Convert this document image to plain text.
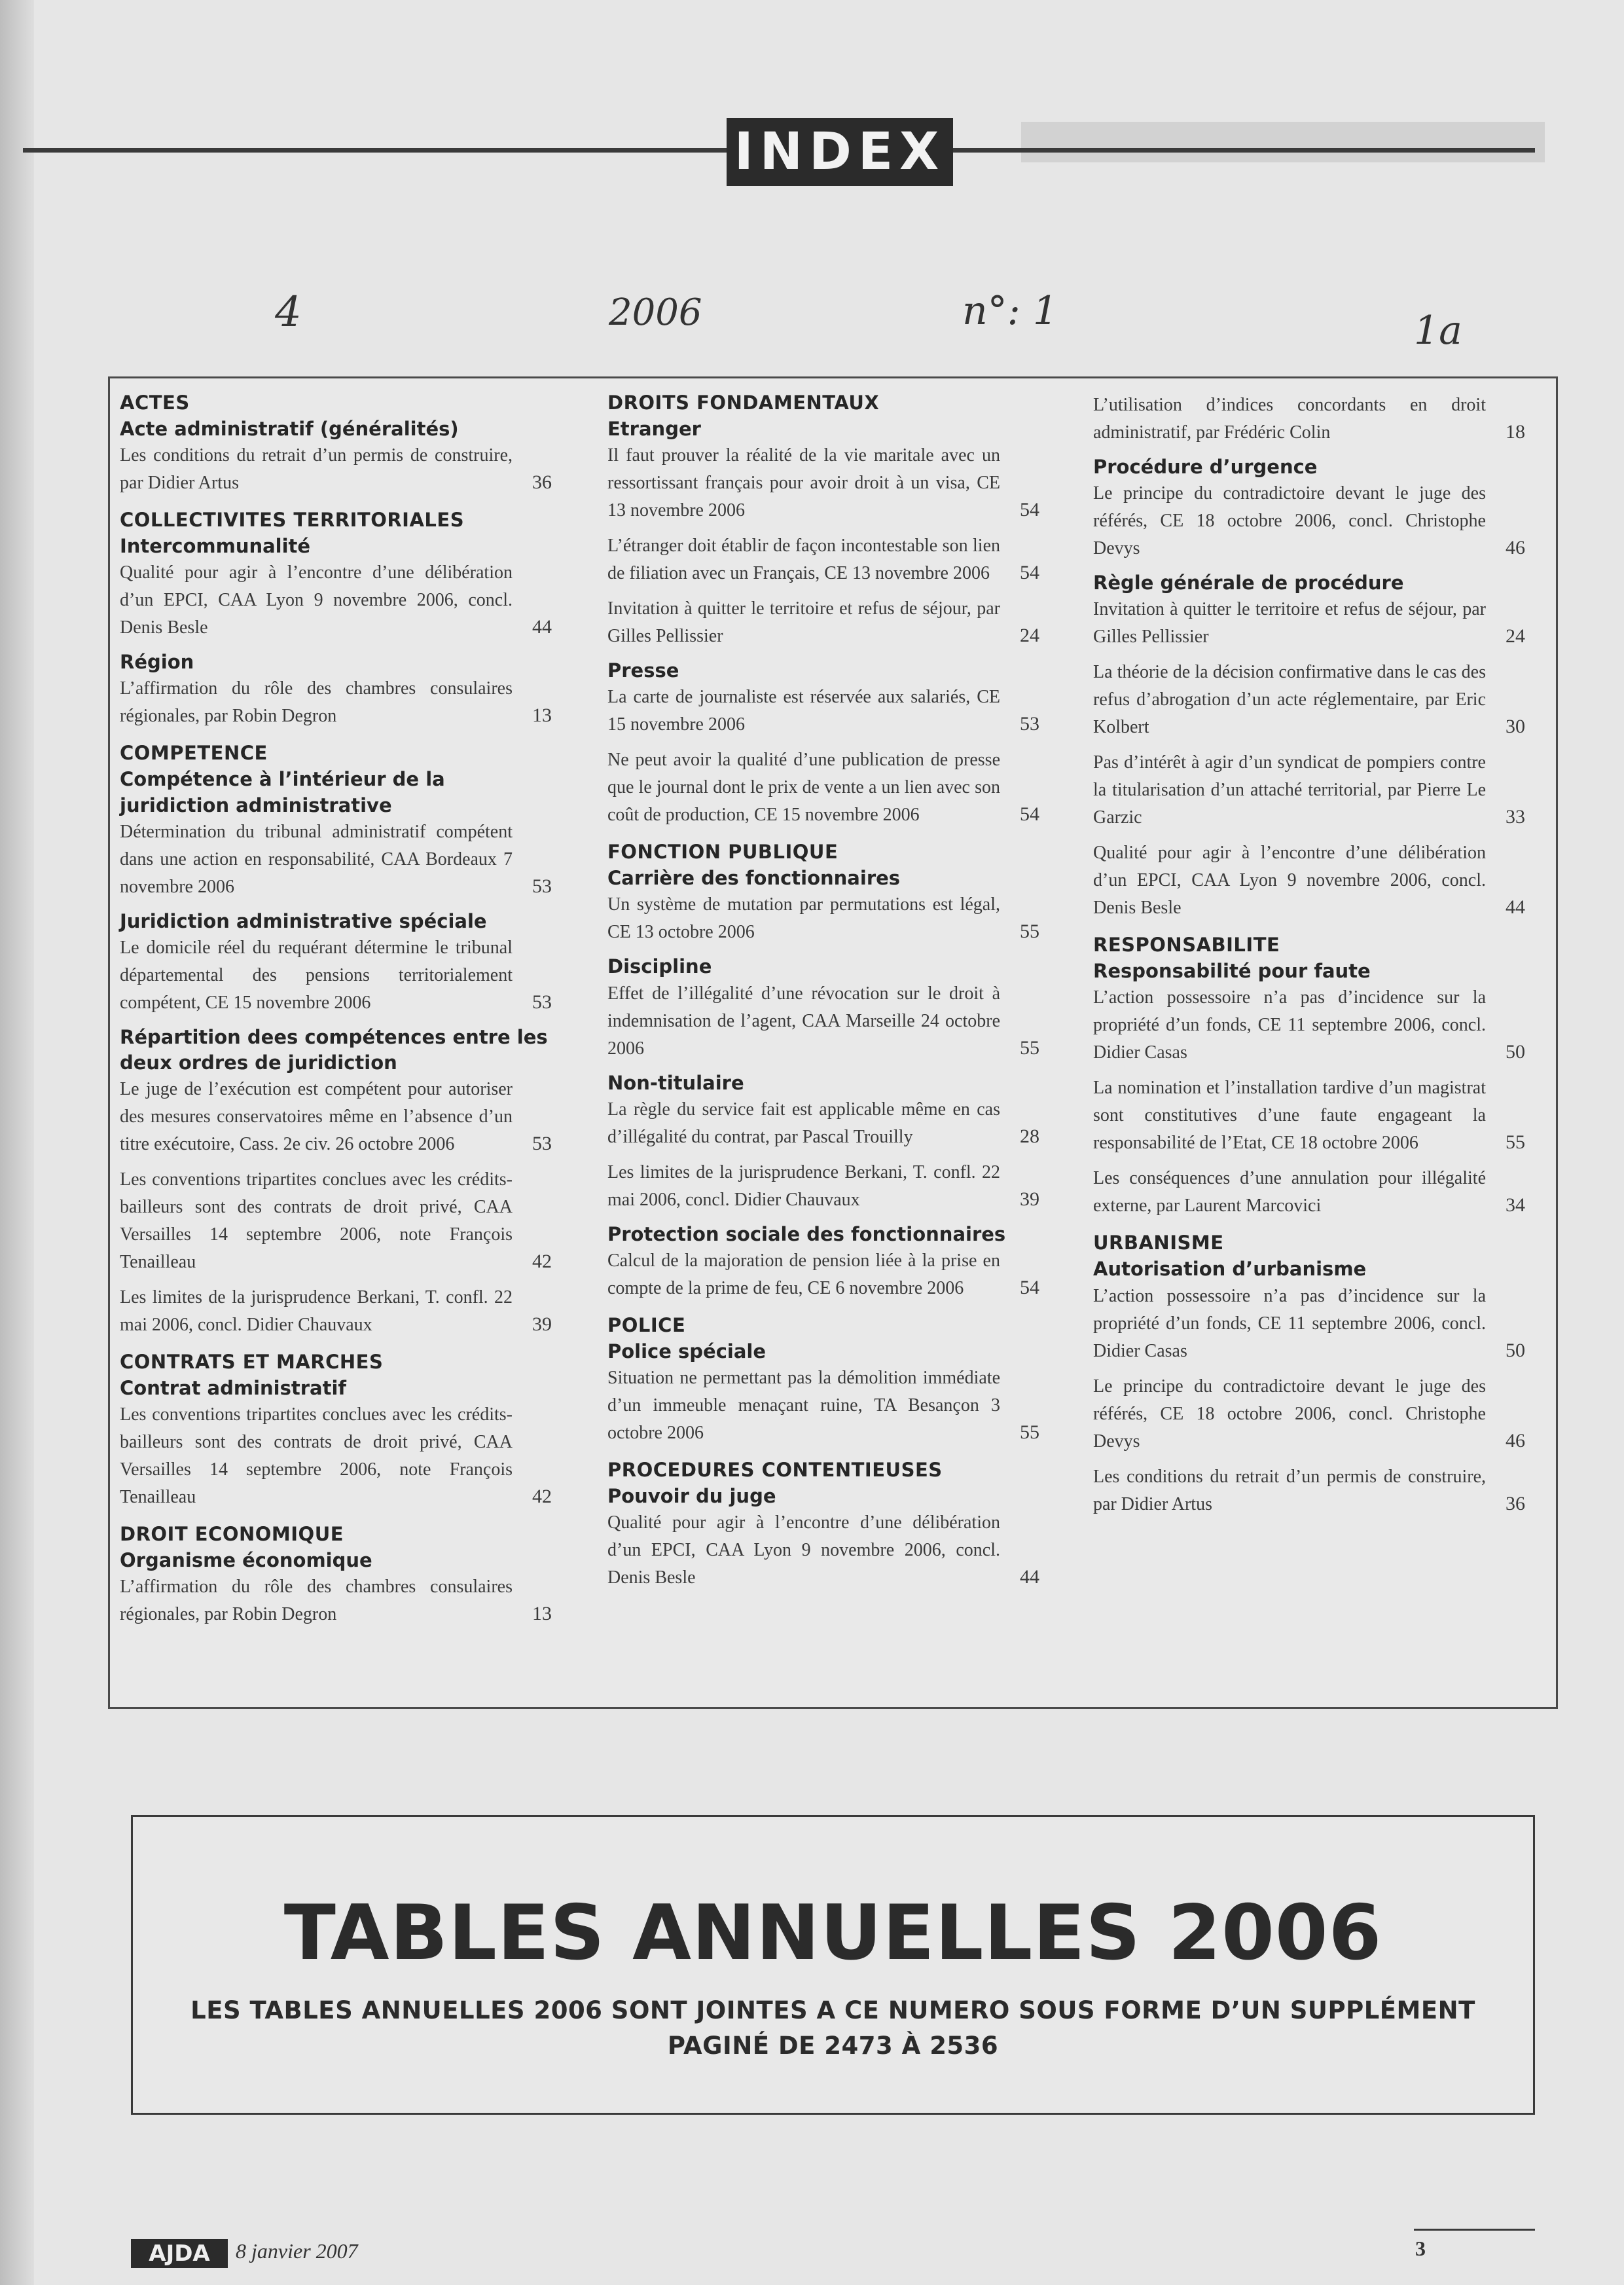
INDEX
4	2006	n°: 1	1a
ACTES
Acte administratif (généralités)
Les conditions du retrait d’un permis de construire, par Didier Artus	36
COLLECTIVITES TERRITORIALES
Intercommunalité
Qualité pour agir à l’encontre d’une délibération d’un EPCI, CAA Lyon 9 novembre 2006, concl. Denis Besle	44
Région
L’affirmation du rôle des chambres consulaires régionales, par Robin Degron	13
COMPETENCE
Compétence à l’intérieur de la juridiction administrative
Détermination du tribunal administratif compétent dans une action en responsabilité, CAA Bordeaux 7 novembre 2006	53
Juridiction administrative spéciale
Le domicile réel du requérant détermine le tribunal départemental des pensions territorialement compétent, CE 15 novembre 2006	53
Répartition dees compétences entre les deux ordres de juridiction
Le juge de l’exécution est compétent pour autoriser des mesures conservatoires même en l’absence d’un titre exécutoire, Cass. 2e civ. 26 octobre 2006	53
Les conventions tripartites conclues avec les crédits-bailleurs sont des contrats de droit privé, CAA Versailles 14 septembre 2006, note François Tenailleau	42
Les limites de la jurisprudence Berkani, T. confl. 22 mai 2006, concl. Didier Chauvaux	39
CONTRATS ET MARCHES
Contrat administratif
Les conventions tripartites conclues avec les crédits-bailleurs sont des contrats de droit privé, CAA Versailles 14 septembre 2006, note François Tenailleau	42
DROIT ECONOMIQUE
Organisme économique
L’affirmation du rôle des chambres consulaires régionales, par Robin Degron	13
DROITS FONDAMENTAUX
Etranger
Il faut prouver la réalité de la vie maritale avec un ressortissant français pour avoir droit à un visa, CE 13 novembre 2006	54
L’étranger doit établir de façon incontestable son lien de filiation avec un Français, CE 13 novembre 2006	54
Invitation à quitter le territoire et refus de séjour, par Gilles Pellissier	24
Presse
La carte de journaliste est réservée aux salariés, CE 15 novembre 2006	53
Ne peut avoir la qualité d’une publication de presse que le journal dont le prix de vente a un lien avec son coût de production, CE 15 novembre 2006	54
FONCTION PUBLIQUE
Carrière des fonctionnaires
Un système de mutation par permutations est légal, CE 13 octobre 2006	55
Discipline
Effet de l’illégalité d’une révocation sur le droit à indemnisation de l’agent, CAA Marseille 24 octobre 2006	55
Non-titulaire
La règle du service fait est applicable même en cas d’illégalité du contrat, par Pascal Trouilly	28
Les limites de la jurisprudence Berkani, T. confl. 22 mai 2006, concl. Didier Chauvaux	39
Protection sociale des fonctionnaires
Calcul de la majoration de pension liée à la prise en compte de la prime de feu, CE 6 novembre 2006	54
POLICE
Police spéciale
Situation ne permettant pas la démolition immédiate d’un immeuble menaçant ruine, TA Besançon 3 octobre 2006	55
PROCEDURES CONTENTIEUSES
Pouvoir du juge
Qualité pour agir à l’encontre d’une délibération d’un EPCI, CAA Lyon 9 novembre 2006, concl. Denis Besle	44
L’utilisation d’indices concordants en droit administratif, par Frédéric Colin	18
Procédure d’urgence
Le principe du contradictoire devant le juge des référés, CE 18 octobre 2006, concl. Christophe Devys	46
Règle générale de procédure
Invitation à quitter le territoire et refus de séjour, par Gilles Pellissier	24
La théorie de la décision confirmative dans le cas des refus d’abrogation d’un acte réglementaire, par Eric Kolbert	30
Pas d’intérêt à agir d’un syndicat de pompiers contre la titularisation d’un attaché territorial, par Pierre Le Garzic	33
Qualité pour agir à l’encontre d’une délibération d’un EPCI, CAA Lyon 9 novembre 2006, concl. Denis Besle	44
RESPONSABILITE
Responsabilité pour faute
L’action possessoire n’a pas d’incidence sur la propriété d’un fonds, CE 11 septembre 2006, concl. Didier Casas	50
La nomination et l’installation tardive d’un magistrat sont constitutives d’une faute engageant la responsabilité de l’Etat, CE 18 octobre 2006	55
Les conséquences d’une annulation pour illégalité externe, par Laurent Marcovici	34
URBANISME
Autorisation d’urbanisme
L’action possessoire n’a pas d’incidence sur la propriété d’un fonds, CE 11 septembre 2006, concl. Didier Casas	50
Le principe du contradictoire devant le juge des référés, CE 18 octobre 2006, concl. Christophe Devys	46
Les conditions du retrait d’un permis de construire, par Didier Artus	36
TABLES ANNUELLES 2006
LES TABLES ANNUELLES 2006 SONT JOINTES A CE NUMERO SOUS FORME D’UN SUPPLÉMENT
PAGINÉ DE 2473 À 2536
AJDA	8 janvier 2007	3
